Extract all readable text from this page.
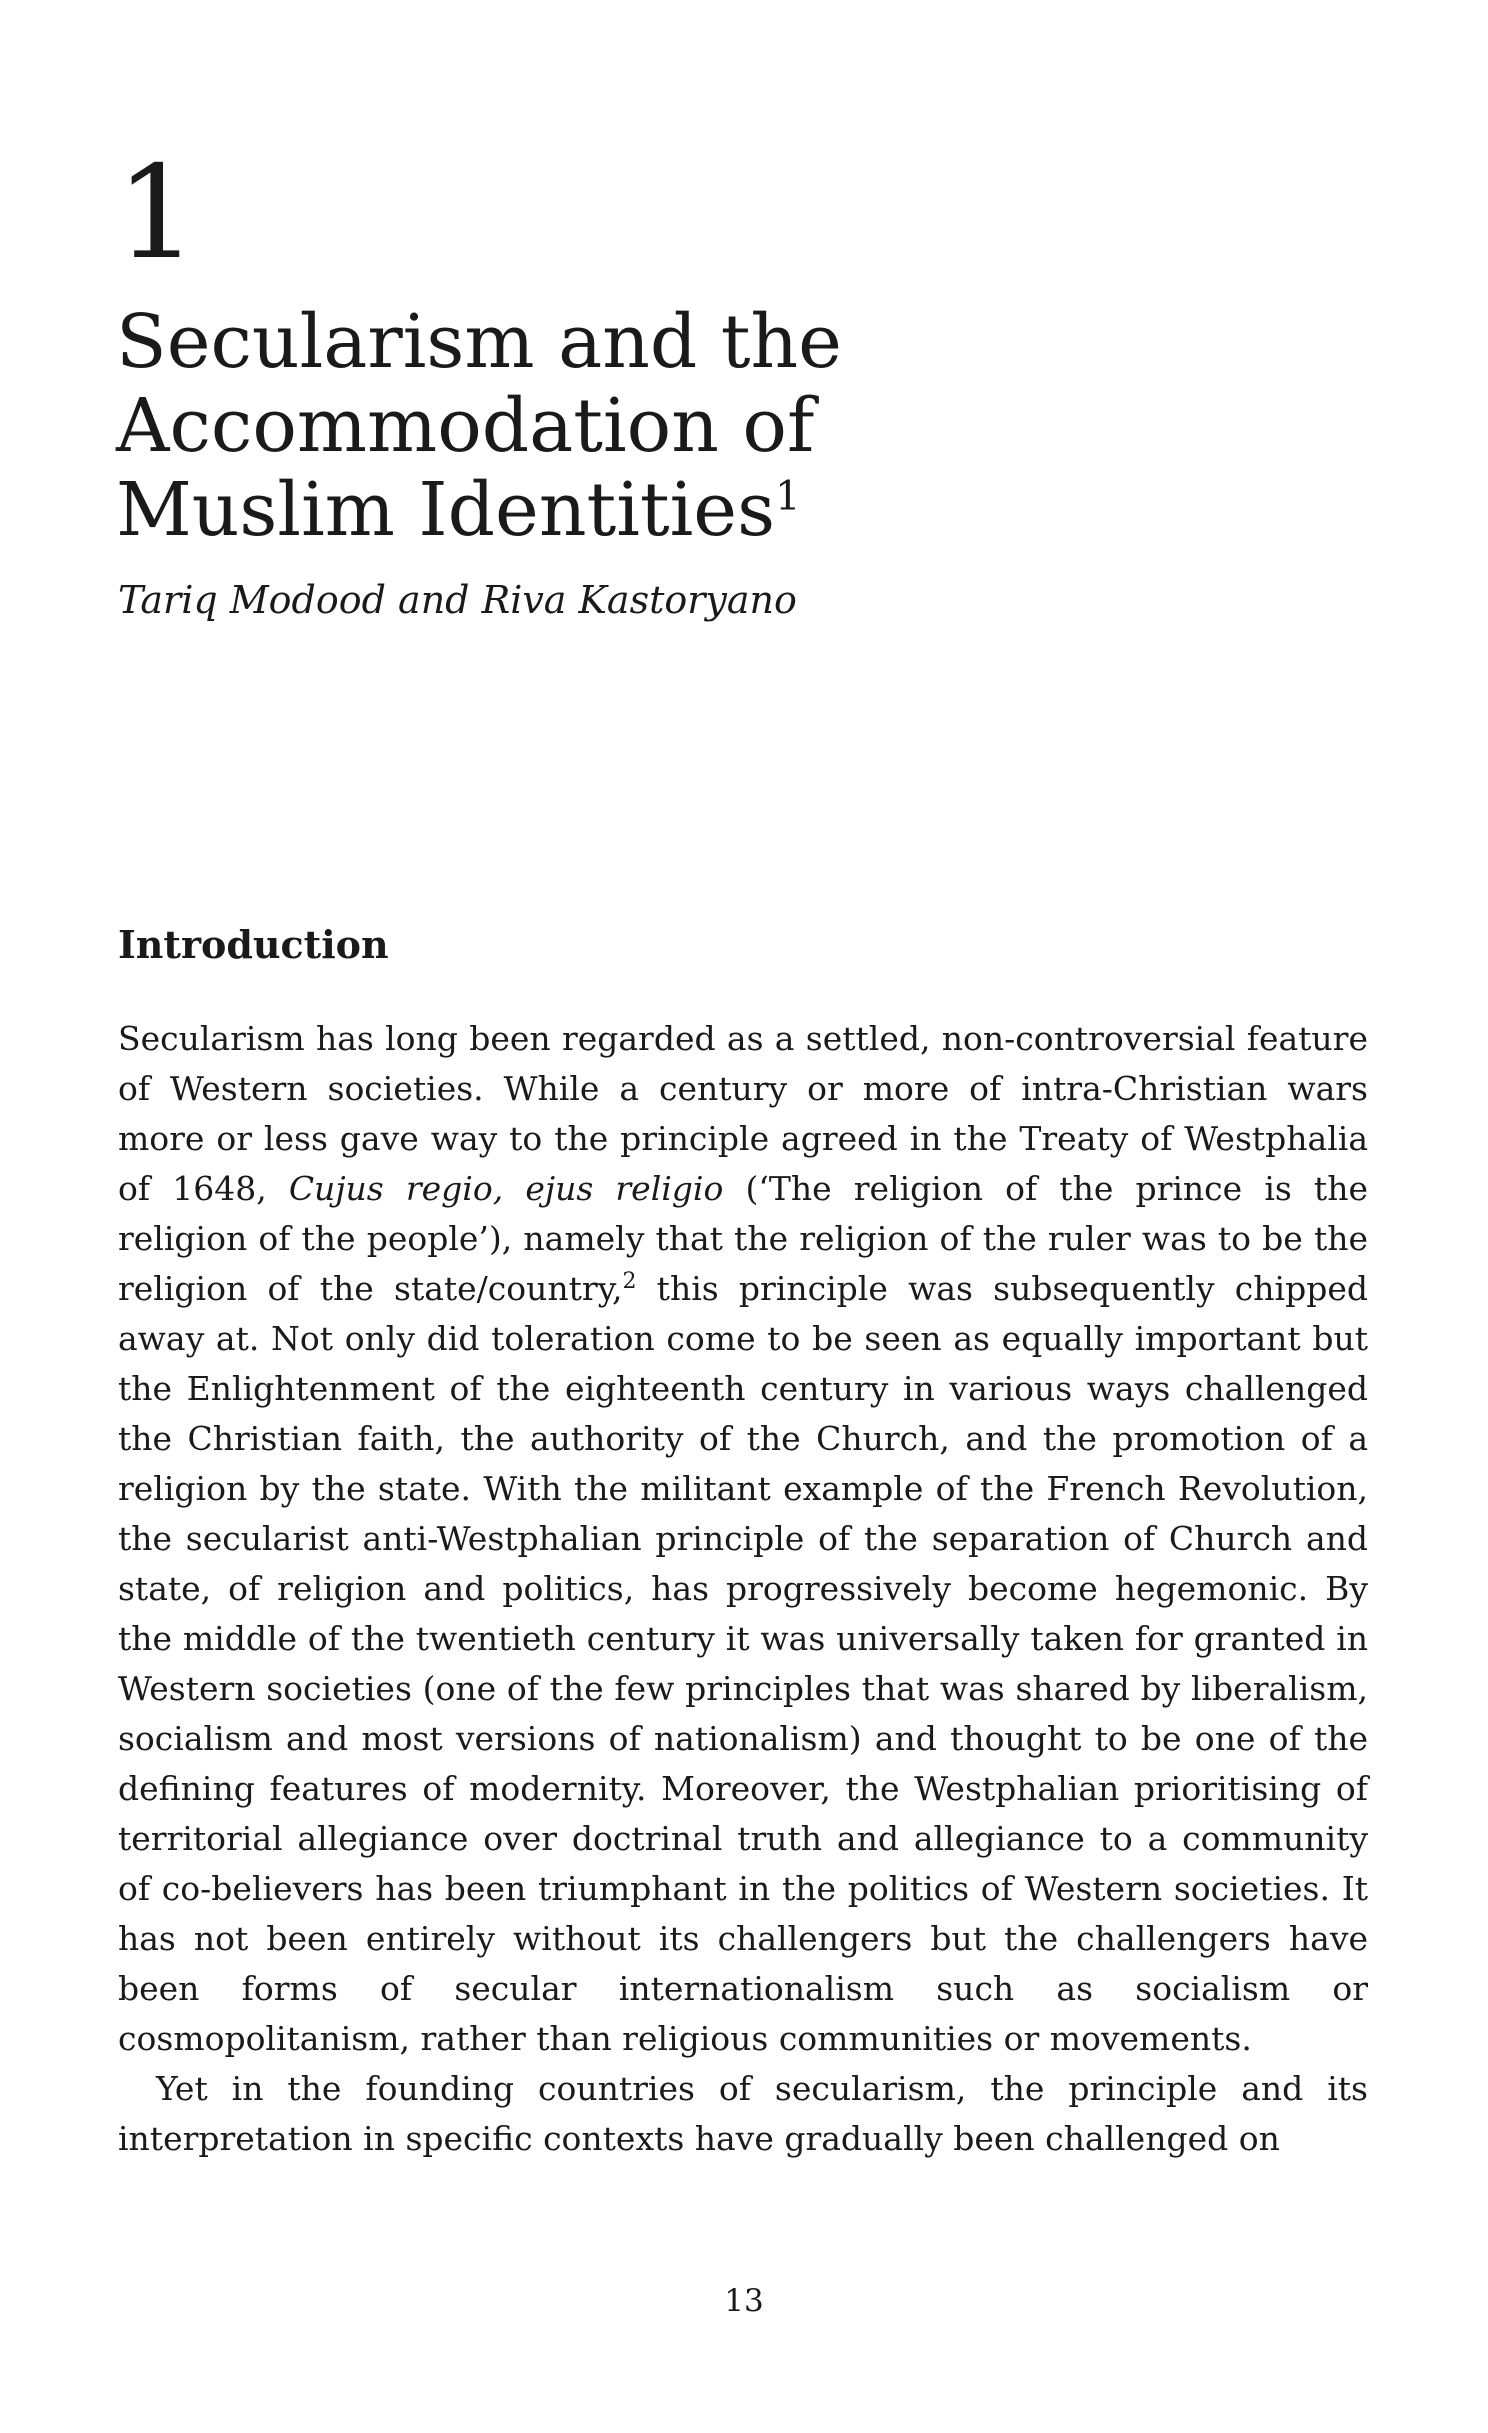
1
Secularism and the
Accommodation of
Muslim Identities$^1$
Tariq Modood and Riva Kastoryano
Introduction

Secularism has long been regarded as a settled, non-controversial feature of Western societies. While a century or more of intra-Christian wars more or less gave way to the principle agreed in the Treaty of Westphalia of 1648, Cujus regio, ejus religio (‘The religion of the prince is the religion of the people’), namely that the religion of the ruler was to be the religion of the state/country,$^2$ this principle was subsequently chipped away at. Not only did toleration come to be seen as equally important but the Enlightenment of the eighteenth century in various ways challenged the Christian faith, the authority of the Church, and the promotion of a religion by the state. With the militant example of the French Revolution, the secularist anti-Westphalian principle of the separation of Church and state, of religion and politics, has progressively become hegemonic. By the middle of the twentieth century it was universally taken for granted in Western societies (one of the few principles that was shared by liberalism, socialism and most versions of nationalism) and thought to be one of the defining features of modernity. Moreover, the Westphalian prioritising of territorial allegiance over doctrinal truth and allegiance to a community of co-believers has been triumphant in the politics of Western societies. It has not been entirely without its challengers but the challengers have been forms of secular internationalism such as socialism or cosmopolitanism, rather than religious communities or movements.

Yet in the founding countries of secularism, the principle and its interpretation in specific contexts have gradually been challenged on

13
